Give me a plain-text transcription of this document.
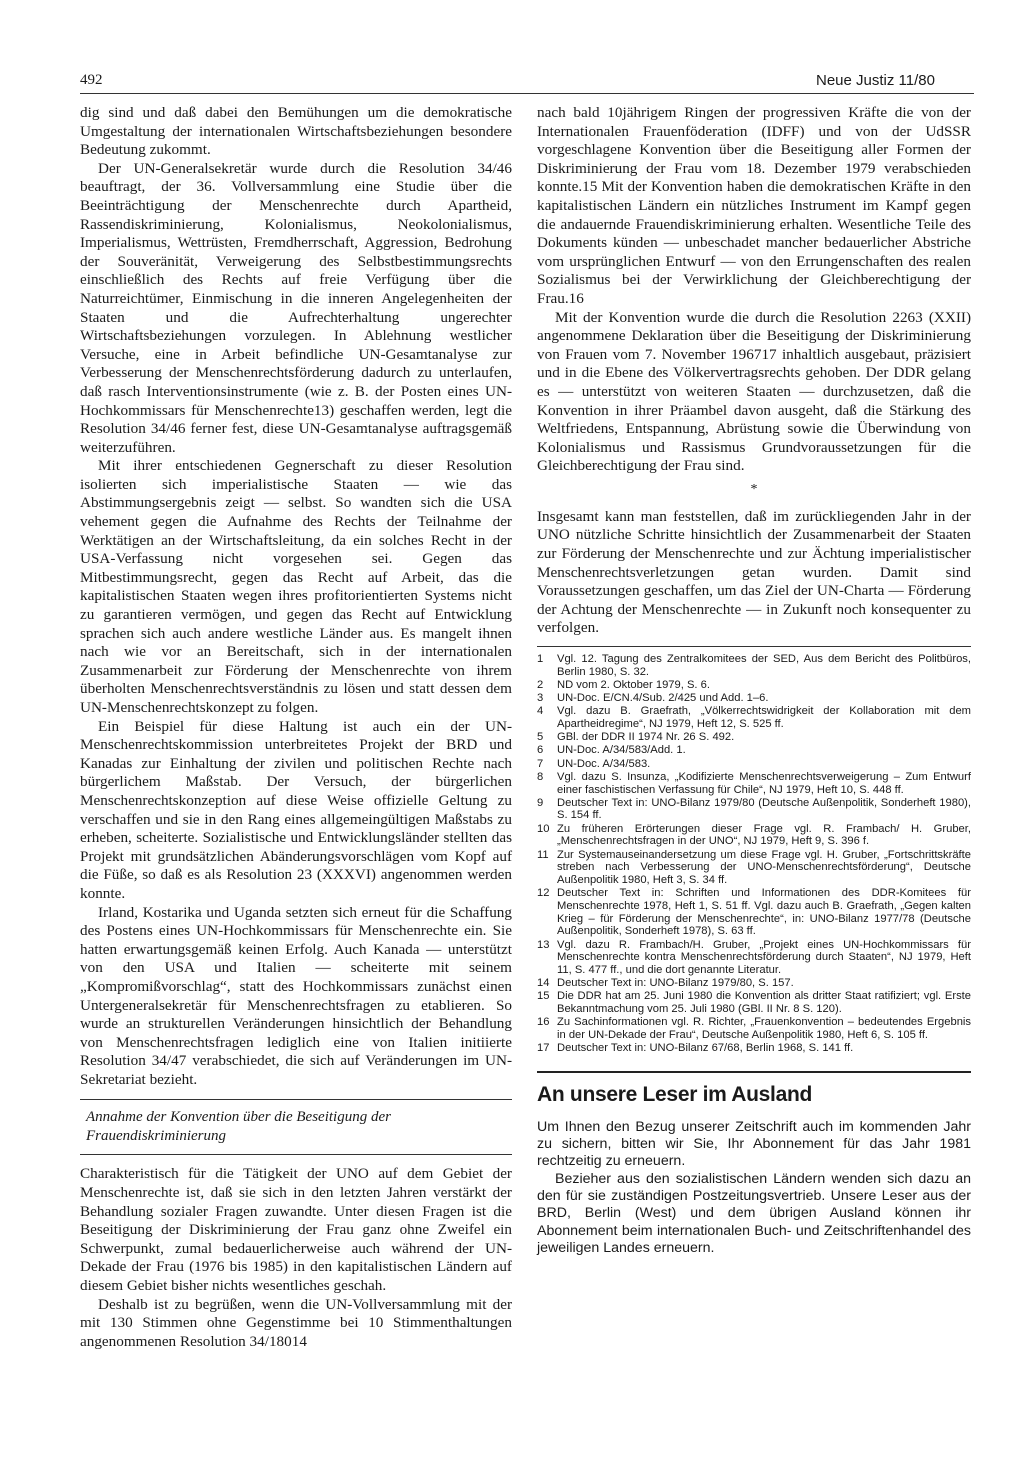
492	Neue Justiz 11/80

dig sind und daß dabei den Bemühungen um die demokratische Umgestaltung der internationalen Wirtschaftsbeziehungen besondere Bedeutung zukommt.

Der UN-Generalsekretär wurde durch die Resolution 34/46 beauftragt, der 36. Vollversammlung eine Studie über die Beeinträchtigung der Menschenrechte durch Apartheid, Rassendiskriminierung, Kolonialismus, Neokolonialismus, Imperialismus, Wettrüsten, Fremdherrschaft, Aggression, Bedrohung der Souveränität, Verweigerung des Selbstbestimmungsrechts einschließlich des Rechts auf freie Verfügung über die Naturreichtümer, Einmischung in die inneren Angelegenheiten der Staaten und die Aufrechterhaltung ungerechter Wirtschaftsbeziehungen vorzulegen. In Ablehnung westlicher Versuche, eine in Arbeit befindliche UN-Gesamtanalyse zur Verbesserung der Menschenrechtsförderung dadurch zu unterlaufen, daß rasch Interventionsinstrumente (wie z. B. der Posten eines UN-Hochkommissars für Menschenrechte13) geschaffen werden, legt die Resolution 34/46 ferner fest, diese UN-Gesamtanalyse auftragsgemäß weiterzuführen.

Mit ihrer entschiedenen Gegnerschaft zu dieser Resolution isolierten sich imperialistische Staaten — wie das Abstimmungsergebnis zeigt — selbst. So wandten sich die USA vehement gegen die Aufnahme des Rechts der Teilnahme der Werktätigen an der Wirtschaftsleitung, da ein solches Recht in der USA-Verfassung nicht vorgesehen sei. Gegen das Mitbestimmungsrecht, gegen das Recht auf Arbeit, das die kapitalistischen Staaten wegen ihres profitorientierten Systems nicht zu garantieren vermögen, und gegen das Recht auf Entwicklung sprachen sich auch andere westliche Länder aus. Es mangelt ihnen nach wie vor an Bereitschaft, sich in der internationalen Zusammenarbeit zur Förderung der Menschenrechte von ihrem überholten Menschenrechtsverständnis zu lösen und statt dessen dem UN-Menschenrechtskonzept zu folgen.

Ein Beispiel für diese Haltung ist auch ein der UN-Menschenrechtskommission unterbreitetes Projekt der BRD und Kanadas zur Einhaltung der zivilen und politischen Rechte nach bürgerlichem Maßstab. Der Versuch, der bürgerlichen Menschenrechtskonzeption auf diese Weise offizielle Geltung zu verschaffen und sie in den Rang eines allgemeingültigen Maßstabs zu erheben, scheiterte. Sozialistische und Entwicklungsländer stellten das Projekt mit grundsätzlichen Abänderungsvorschlägen vom Kopf auf die Füße, so daß es als Resolution 23 (XXXVI) angenommen werden konnte.

Irland, Kostarika und Uganda setzten sich erneut für die Schaffung des Postens eines UN-Hochkommissars für Menschenrechte ein. Sie hatten erwartungsgemäß keinen Erfolg. Auch Kanada — unterstützt von den USA und Italien — scheiterte mit seinem „Kompromißvorschlag“, statt des Hochkommissars zunächst einen Untergeneralsekretär für Menschenrechtsfragen zu etablieren. So wurde an strukturellen Veränderungen hinsichtlich der Behandlung von Menschenrechtsfragen lediglich eine von Italien initiierte Resolution 34/47 verabschiedet, die sich auf Veränderungen im UN-Sekretariat bezieht.

Annahme der Konvention über die Beseitigung der Frauendiskriminierung

Charakteristisch für die Tätigkeit der UNO auf dem Gebiet der Menschenrechte ist, daß sie sich in den letzten Jahren verstärkt der Behandlung sozialer Fragen zuwandte. Unter diesen Fragen ist die Beseitigung der Diskriminierung der Frau ganz ohne Zweifel ein Schwerpunkt, zumal bedauerlicherweise auch während der UN-Dekade der Frau (1976 bis 1985) in den kapitalistischen Ländern auf diesem Gebiet bisher nichts wesentliches geschah.

Deshalb ist zu begrüßen, wenn die UN-Vollversammlung mit der mit 130 Stimmen ohne Gegenstimme bei 10 Stimmenthaltungen angenommenen Resolution 34/18014

nach bald 10jährigem Ringen der progressiven Kräfte die von der Internationalen Frauenföderation (IDFF) und von der UdSSR vorgeschlagene Konvention über die Beseitigung aller Formen der Diskriminierung der Frau vom 18. Dezember 1979 verabschieden konnte.15 Mit der Konvention haben die demokratischen Kräfte in den kapitalistischen Ländern ein nützliches Instrument im Kampf gegen die andauernde Frauendiskriminierung erhalten. Wesentliche Teile des Dokuments künden — unbeschadet mancher bedauerlicher Abstriche vom ursprünglichen Entwurf — von den Errungenschaften des realen Sozialismus bei der Verwirklichung der Gleichberechtigung der Frau.16

Mit der Konvention wurde die durch die Resolution 2263 (XXII) angenommene Deklaration über die Beseitigung der Diskriminierung von Frauen vom 7. November 196717 inhaltlich ausgebaut, präzisiert und in die Ebene des Völkervertragsrechts gehoben. Der DDR gelang es — unterstützt von weiteren Staaten — durchzusetzen, daß die Konvention in ihrer Präambel davon ausgeht, daß die Stärkung des Weltfriedens, Entspannung, Abrüstung sowie die Überwindung von Kolonialismus und Rassismus Grundvoraussetzungen für die Gleichberechtigung der Frau sind.

*

Insgesamt kann man feststellen, daß im zurückliegenden Jahr in der UNO nützliche Schritte hinsichtlich der Zusammenarbeit der Staaten zur Förderung der Menschenrechte und zur Ächtung imperialistischer Menschenrechtsverletzungen getan wurden. Damit sind Voraussetzungen geschaffen, um das Ziel der UN-Charta — Förderung der Achtung der Menschenrechte — in Zukunft noch konsequenter zu verfolgen.

1	Vgl. 12. Tagung des Zentralkomitees der SED, Aus dem Bericht des Politbüros, Berlin 1980, S. 32.
2	ND vom 2. Oktober 1979, S. 6.
3	UN-Doc. E/CN.4/Sub. 2/425 und Add. 1–6.
4	Vgl. dazu B. Graefrath, „Völkerrechtswidrigkeit der Kollaboration mit dem Apartheidregime“, NJ 1979, Heft 12, S. 525 ff.
5	GBl. der DDR II 1974 Nr. 26 S. 492.
6	UN-Doc. A/34/583/Add. 1.
7	UN-Doc. A/34/583.
8	Vgl. dazu S. Insunza, „Kodifizierte Menschenrechtsverweigerung – Zum Entwurf einer faschistischen Verfassung für Chile“, NJ 1979, Heft 10, S. 448 ff.
9	Deutscher Text in: UNO-Bilanz 1979/80 (Deutsche Außenpolitik, Sonderheft 1980), S. 154 ff.
10 Zu früheren Erörterungen dieser Frage vgl. R. Frambach/ H. Gruber, „Menschenrechtsfragen in der UNO“, NJ 1979, Heft 9, S. 396 f.
11 Zur Systemauseinandersetzung um diese Frage vgl. H. Gruber, „Fortschrittskräfte streben nach Verbesserung der UNO-Menschenrechtsförderung“, Deutsche Außenpolitik 1980, Heft 3, S. 34 ff.
12 Deutscher Text in: Schriften und Informationen des DDR-Komitees für Menschenrechte 1978, Heft 1, S. 51 ff. Vgl. dazu auch B. Graefrath, „Gegen kalten Krieg – für Förderung der Menschenrechte“, in: UNO-Bilanz 1977/78 (Deutsche Außenpolitik, Sonderheft 1978), S. 63 ff.
13 Vgl. dazu R. Frambach/H. Gruber, „Projekt eines UN-Hochkommissars für Menschenrechte kontra Menschenrechtsförderung durch Staaten“, NJ 1979, Heft 11, S. 477 ff., und die dort genannte Literatur.
14 Deutscher Text in: UNO-Bilanz 1979/80, S. 157.
15 Die DDR hat am 25. Juni 1980 die Konvention als dritter Staat ratifiziert; vgl. Erste Bekanntmachung vom 25. Juli 1980 (GBl. II Nr. 8 S. 120).
16 Zu Sachinformationen vgl. R. Richter, „Frauenkonvention – bedeutendes Ergebnis in der UN-Dekade der Frau“, Deutsche Außenpolitik 1980, Heft 6, S. 105 ff.
17 Deutscher Text in: UNO-Bilanz 67/68, Berlin 1968, S. 141 ff.
An unsere Leser im Ausland

Um Ihnen den Bezug unserer Zeitschrift auch im kommenden Jahr zu sichern, bitten wir Sie, Ihr Abonnement für das Jahr 1981 rechtzeitig zu erneuern.

Bezieher aus den sozialistischen Ländern wenden sich dazu an den für sie zuständigen Postzeitungsvertrieb. Unsere Leser aus der BRD, Berlin (West) und dem übrigen Ausland können ihr Abonnement beim internationalen Buch- und Zeitschriftenhandel des jeweiligen Landes erneuern.
